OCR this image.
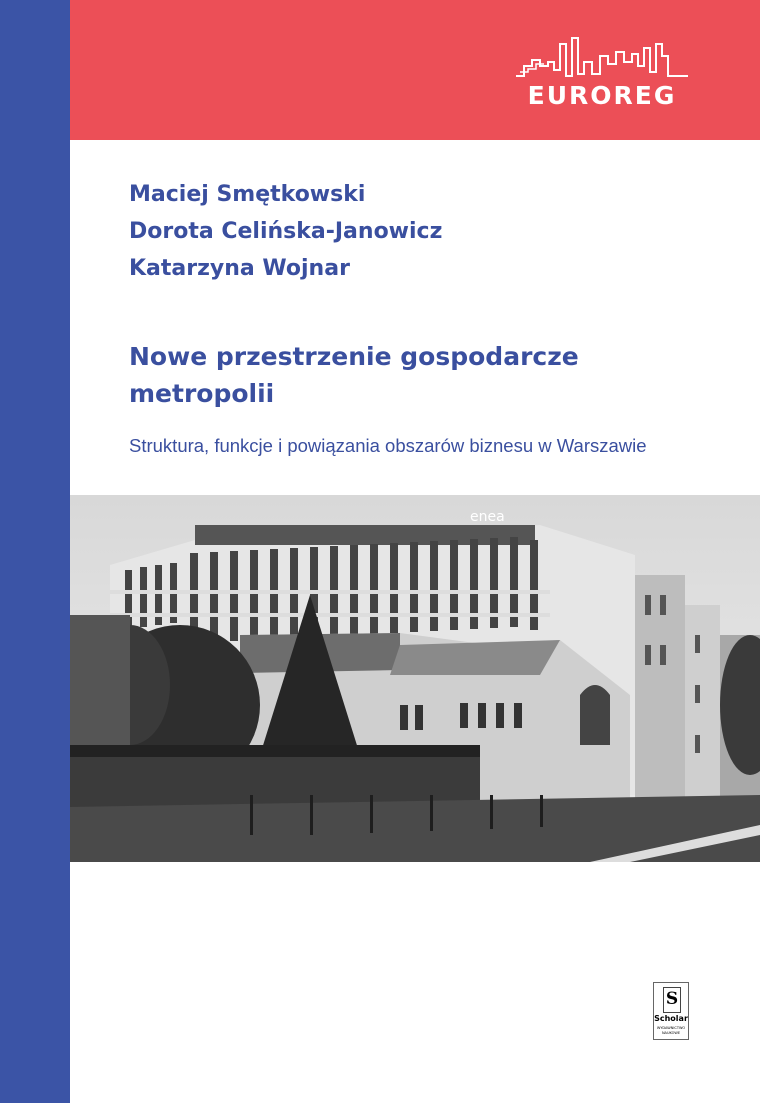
EUROREG
Maciej Smętkowski
Dorota Celińska-Janowicz
Katarzyna Wojnar
Nowe przestrzenie gospodarcze
metropolii
Struktura, funkcje i powiązania obszarów biznesu w Warszawie
enea
S
Scholar
WYDAWNICTWO NAUKOWE
